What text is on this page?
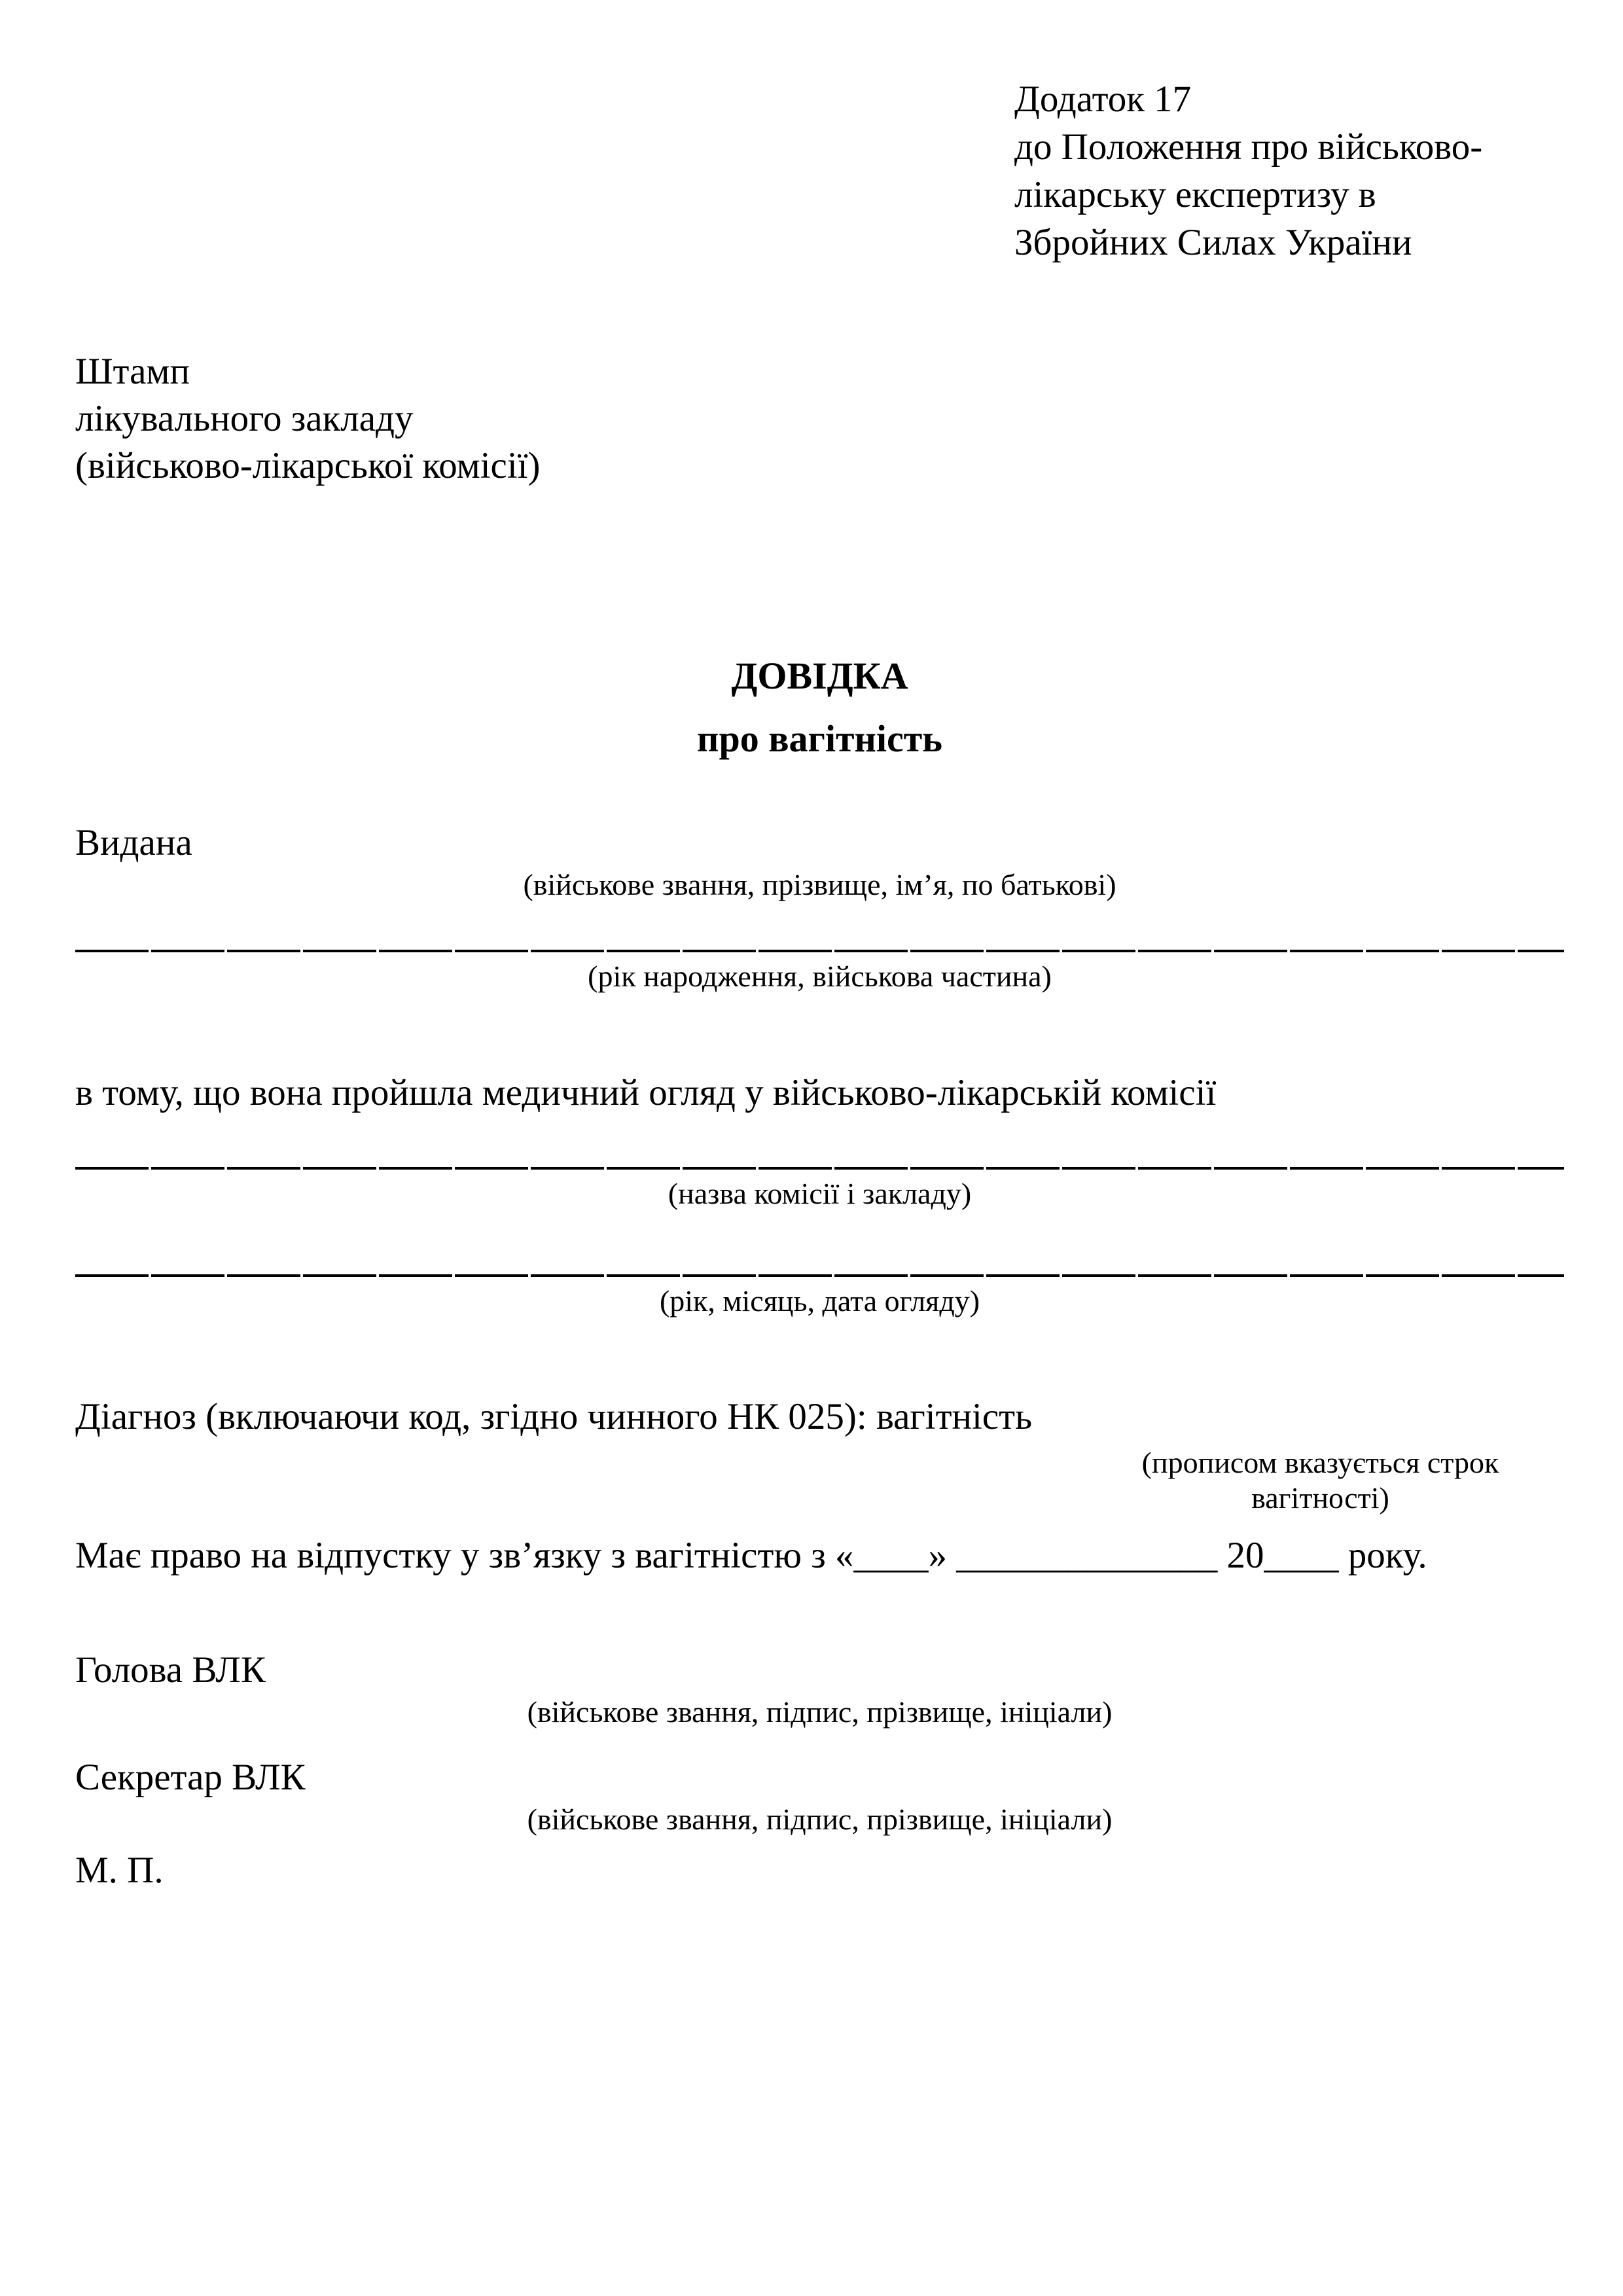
Додаток 17
до Положення про військово-
лікарську експертизу в
Збройних Силах України
Штамп
лікувального закладу
(військово-лікарської комісії)
ДОВІДКА
про вагітність
Видана
(військове звання, прізвище, ім’я, по батькові)
(рік народження, військова частина)
в тому, що вона пройшла медичний огляд у військово-лікарській комісії
(назва комісії і закладу)
(рік, місяць, дата огляду)
Діагноз (включаючи код, згідно чинного НК 025): вагітність
(прописом вказується строк
вагітності)
Має право на відпустку у зв’язку з вагітністю з «____» ______________ 20____ року.
Голова ВЛК
(військове звання, підпис, прізвище, ініціали)
Секретар ВЛК
(військове звання, підпис, прізвище, ініціали)
М. П.
